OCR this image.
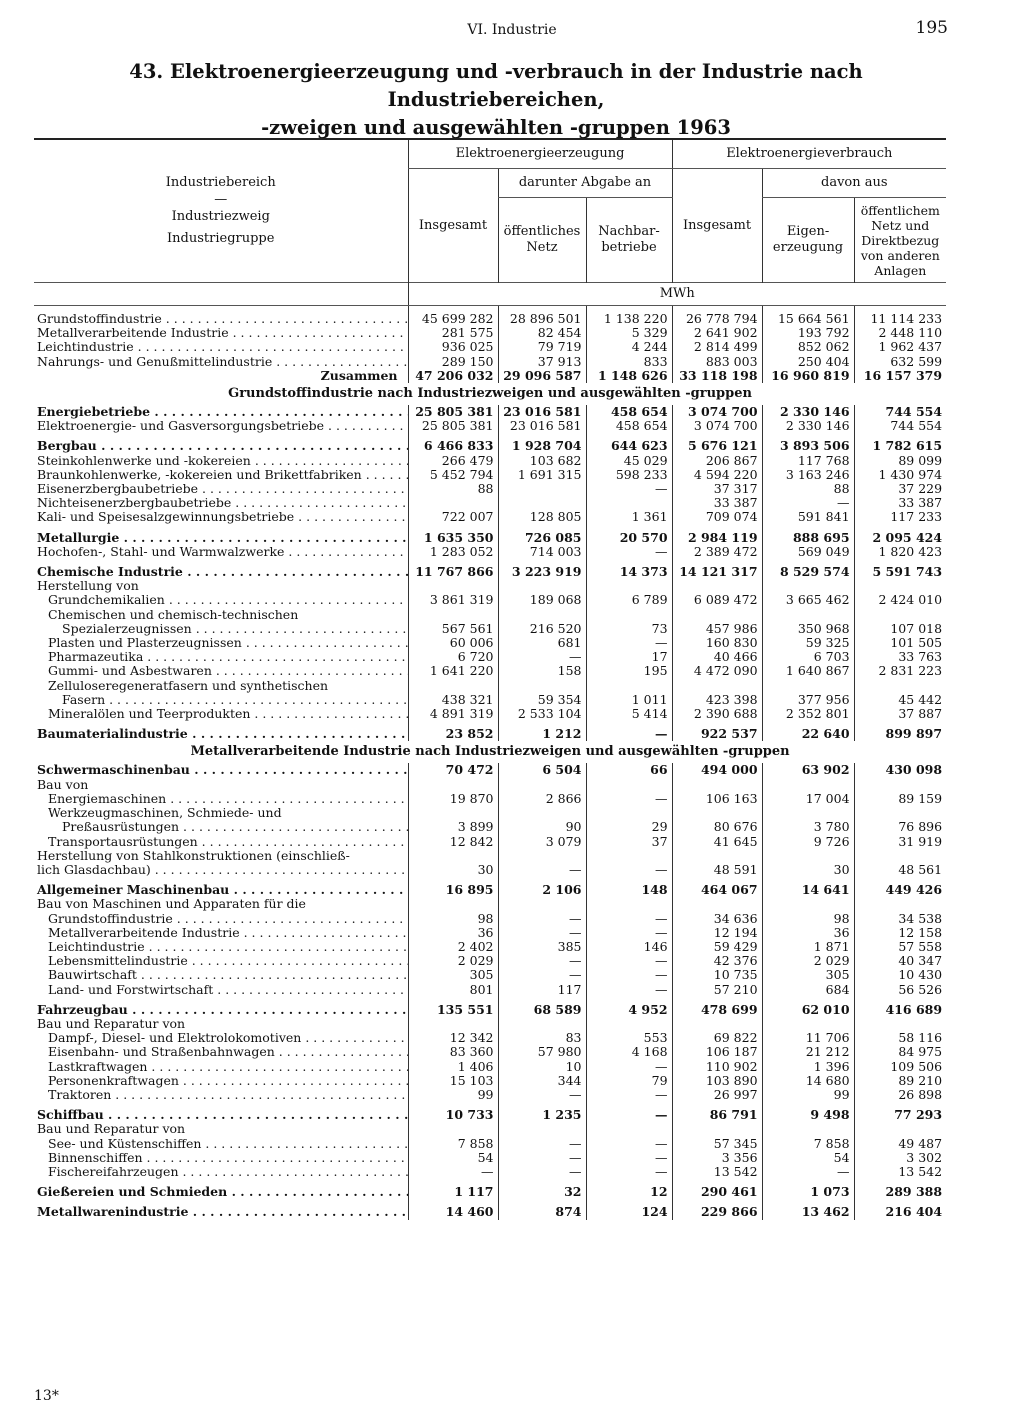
VI. Industrie	195
43. Elektroenergieerzeugung und -verbrauch in der Industrie nach Industriebereichen,
-zweigen und ausgewählten -gruppen 1963
Industriebereich
—
Industriezweig
Industriegruppe	Elektroenergieerzeugung			Elektroenergieverbrauch		
	Insgesamt	darunter Abgabe an		Insgesamt	davon aus	
		öffentliches Netz	Nachbar-betriebe		Eigen-erzeugung	öffentlichem Netz und Direktbezug von anderen Anlagen
	MWh					

Grundstoffindustrie . . .	45 699 282	28 896 501	1 138 220	26 778 794	15 664 561	11 114 233
Metallverarbeitende Industrie . . .	281 575	82 454	5 329	2 641 902	193 792	2 448 110
Leichtindustrie . . .	936 025	79 719	4 244	2 814 499	852 062	1 962 437
Nahrungs- und Genußmittelindustrie . . .	289 150	37 913	833	883 003	250 404	632 599
Zusammen	47 206 032	29 096 587	1 148 626	33 118 198	16 960 819	16 157 379
Grundstoffindustrie nach Industriezweigen und ausgewählten -gruppen						
Energiebetriebe . . .	25 805 381	23 016 581	458 654	3 074 700	2 330 146	744 554
Elektroenergie- und Gasversorgungsbetriebe . . .	25 805 381	23 016 581	458 654	3 074 700	2 330 146	744 554

Bergbau . . .	6 466 833	1 928 704	644 623	5 676 121	3 893 506	1 782 615
Steinkohlenwerke und -kokereien . . .	266 479	103 682	45 029	206 867	117 768	89 099
Braunkohlenwerke, -kokereien und Brikettfabriken . . .	5 452 794	1 691 315	598 233	4 594 220	3 163 246	1 430 974
Eisenerzbergbaubetriebe . . .	88		—	37 317	88	37 229
Nichteisenerzbergbaubetriebe . . .				33 387	—	33 387
Kali- und Speisesalzgewinnungsbetriebe . . .	722 007	128 805	1 361	709 074	591 841	117 233

Metallurgie . . .	1 635 350	726 085	20 570	2 984 119	888 695	2 095 424
Hochofen-, Stahl- und Warmwalzwerke . . .	1 283 052	714 003	—	2 389 472	569 049	1 820 423

Chemische Industrie . . .	11 767 866	3 223 919	14 373	14 121 317	8 529 574	5 591 743
Herstellung von						
Grundchemikalien . . .	3 861 319	189 068	6 789	6 089 472	3 665 462	2 424 010
Chemischen und chemisch-technischen						
Spezialerzeugnissen . . .	567 561	216 520	73	457 986	350 968	107 018
Plasten und Plasterzeugnissen . . .	60 006	681	—	160 830	59 325	101 505
Pharmazeutika . . .	6 720	—	17	40 466	6 703	33 763
Gummi- und Asbestwaren . . .	1 641 220	158	195	4 472 090	1 640 867	2 831 223
Zelluloseregeneratfasern und synthetischen						
Fasern . . .	438 321	59 354	1 011	423 398	377 956	45 442
Mineralölen und Teerprodukten . . .	4 891 319	2 533 104	5 414	2 390 688	2 352 801	37 887

Baumaterialindustrie . . .	23 852	1 212	—	922 537	22 640	899 897
Metallverarbeitende Industrie nach Industriezweigen und ausgewählten -gruppen						
Schwermaschinenbau . . .	70 472	6 504	66	494 000	63 902	430 098
Bau von						
Energiemaschinen . . .	19 870	2 866	—	106 163	17 004	89 159
Werkzeugmaschinen, Schmiede- und						
Preßausrüstungen . . .	3 899	90	29	80 676	3 780	76 896
Transportausrüstungen . . .	12 842	3 079	37	41 645	9 726	31 919
Herstellung von Stahlkonstruktionen (einschließ-						
lich Glasdachbau) . . .	30	—	—	48 591	30	48 561

Allgemeiner Maschinenbau . . .	16 895	2 106	148	464 067	14 641	449 426
Bau von Maschinen und Apparaten für die						
Grundstoffindustrie . . .	98	—	—	34 636	98	34 538
Metallverarbeitende Industrie . . .	36	—	—	12 194	36	12 158
Leichtindustrie . . .	2 402	385	146	59 429	1 871	57 558
Lebensmittelindustrie . . .	2 029	—	—	42 376	2 029	40 347
Bauwirtschaft . . .	305	—	—	10 735	305	10 430
Land- und Forstwirtschaft . . .	801	117	—	57 210	684	56 526

Fahrzeugbau . . .	135 551	68 589	4 952	478 699	62 010	416 689
Bau und Reparatur von						
Dampf-, Diesel- und Elektrolokomotiven . . .	12 342	83	553	69 822	11 706	58 116
Eisenbahn- und Straßenbahnwagen . . .	83 360	57 980	4 168	106 187	21 212	84 975
Lastkraftwagen . . .	1 406	10	—	110 902	1 396	109 506
Personenkraftwagen . . .	15 103	344	79	103 890	14 680	89 210
Traktoren . . .	99	—	—	26 997	99	26 898

Schiffbau . . .	10 733	1 235	—	86 791	9 498	77 293
Bau und Reparatur von						
See- und Küstenschiffen . . .	7 858	—	—	57 345	7 858	49 487
Binnenschiffen . . .	54	—	—	3 356	54	3 302
Fischereifahrzeugen . . .	—	—	—	13 542	—	13 542

Gießereien und Schmieden . . .	1 117	32	12	290 461	1 073	289 388

Metallwarenindustrie . . .	14 460	874	124	229 866	13 462	216 404
13*
